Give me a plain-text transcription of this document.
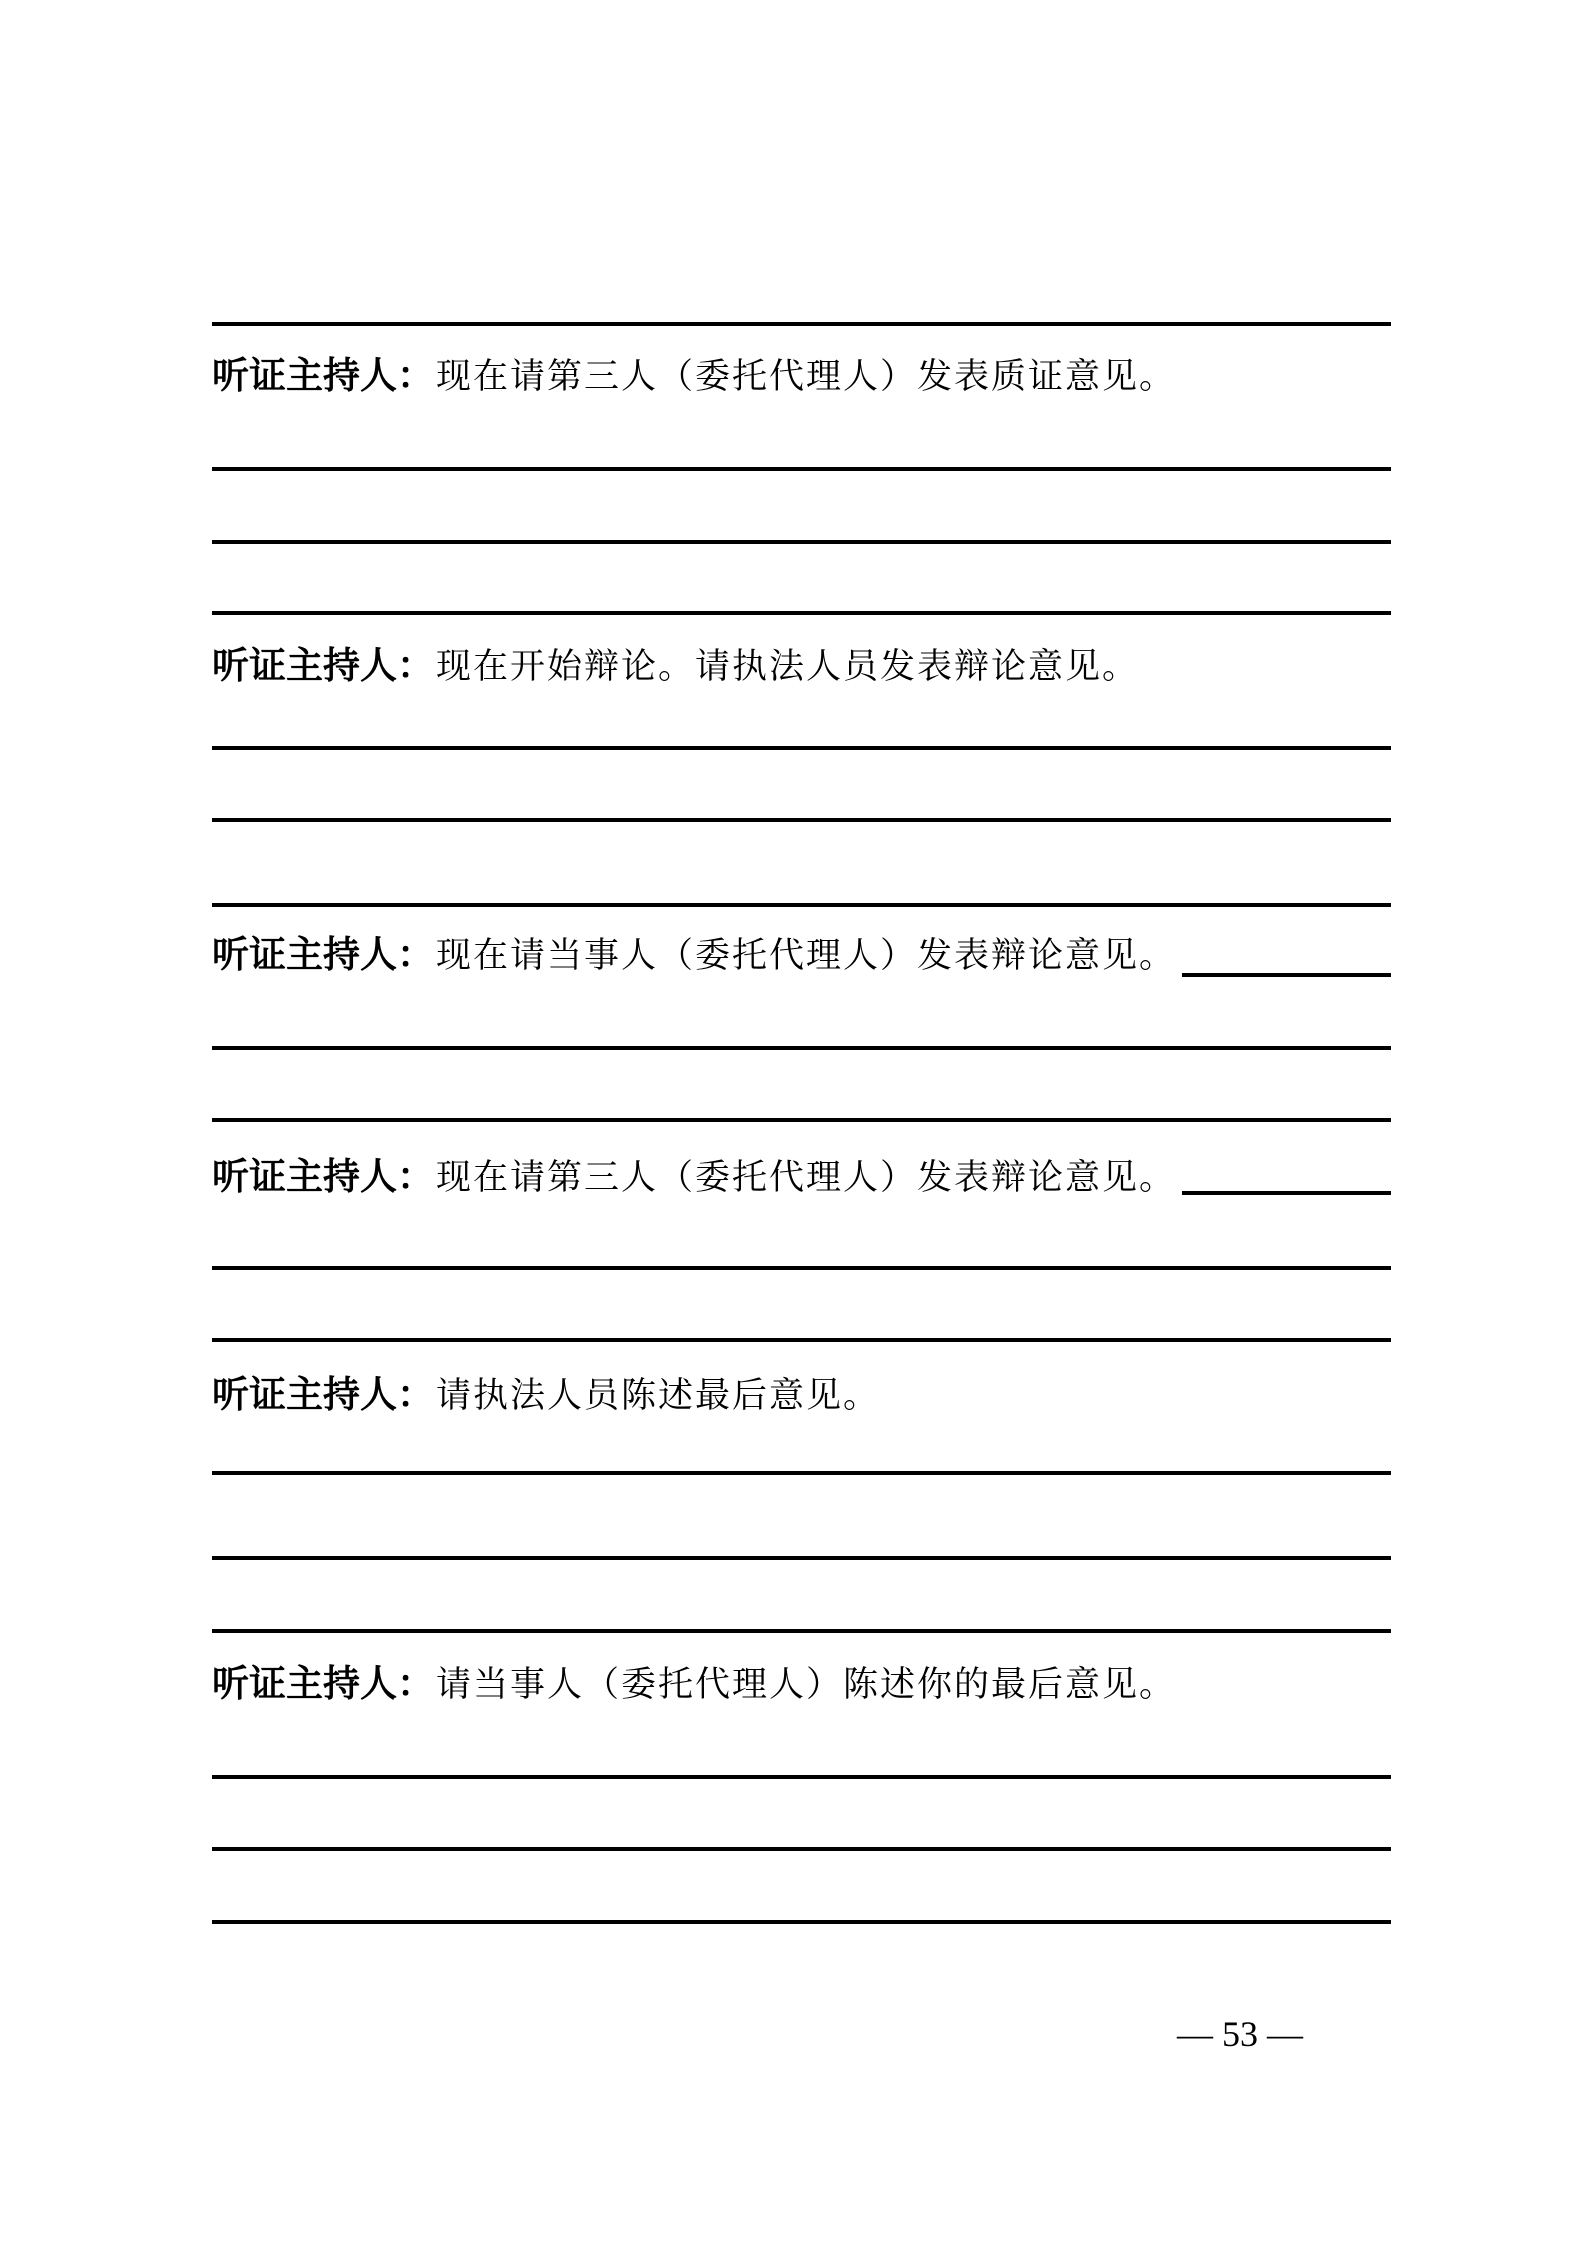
听证主持人：现在请第三人（委托代理人）发表质证意见。
听证主持人：现在开始辩论。请执法人员发表辩论意见。
听证主持人：现在请当事人（委托代理人）发表辩论意见。
听证主持人：现在请第三人（委托代理人）发表辩论意见。
听证主持人：请执法人员陈述最后意见。
听证主持人：请当事人（委托代理人）陈述你的最后意见。
— 53 —
